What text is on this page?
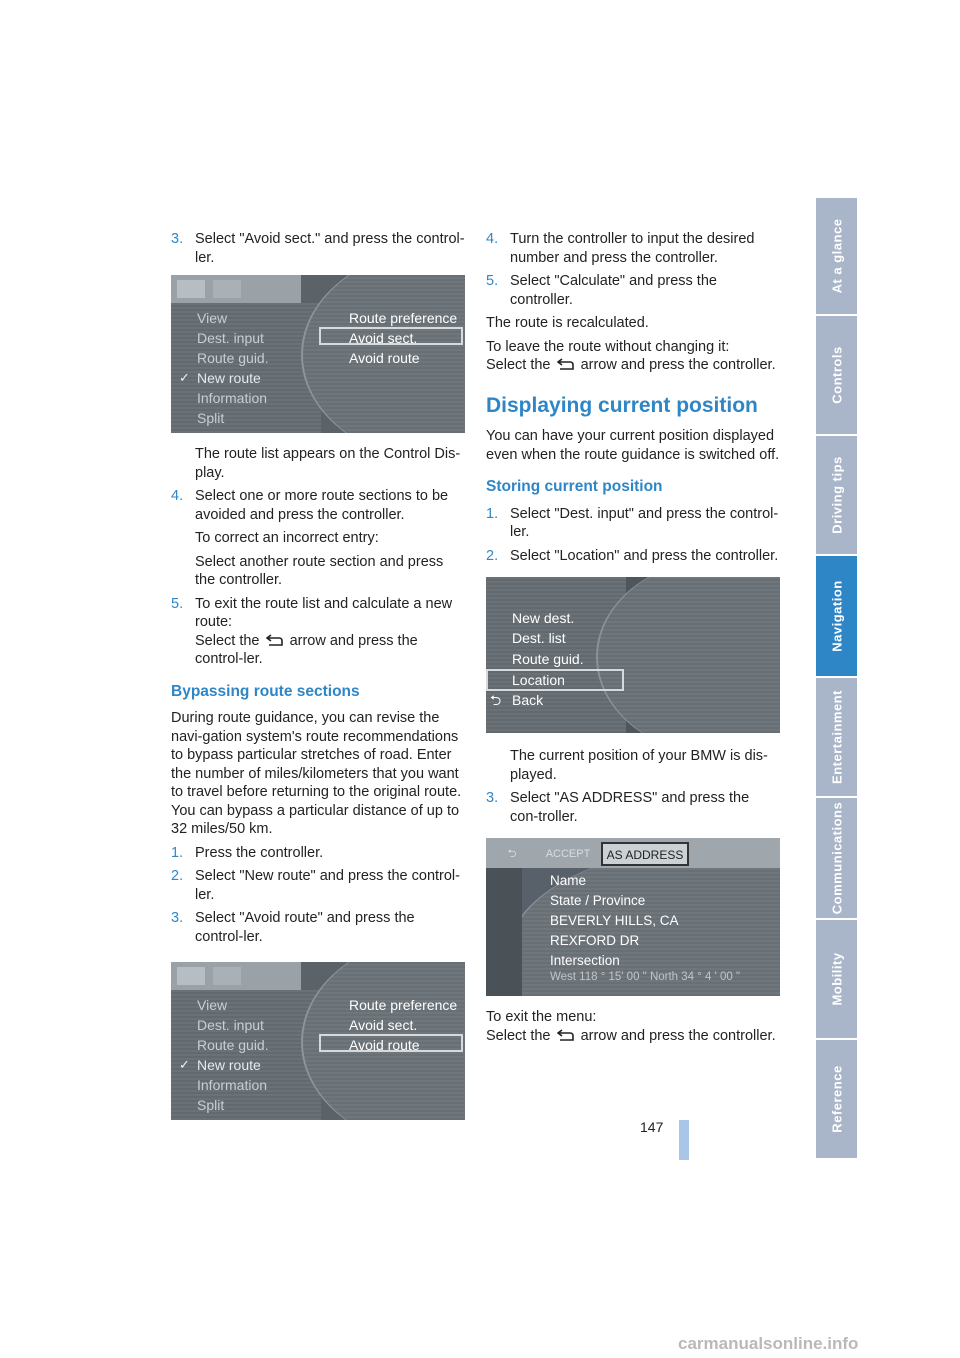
3. Select "Avoid sect." and press the control-ler.
View
Dest. input
Route guid.
✓ New route
Information
Split
Route preference
Avoid sect.
Avoid route

The route list appears on the Control Dis-play.

4. Select one or more route sections to be avoided and press the controller.

To correct an incorrect entry:

Select another route section and press the controller.

5. To exit the route list and calculate a new route:
Select the arrow and press the control-ler.
Bypassing route sections

During route guidance, you can revise the navi-gation system's route recommendations to bypass particular stretches of road. Enter the number of miles/kilometers that you want to travel before returning to the original route. You can bypass a particular distance of up to 32 miles/50 km.

1. Press the controller.
2. Select "New route" and press the control-ler.
3. Select "Avoid route" and press the control-ler.
View
Dest. input
Route guid.
✓ New route
Information
Split
Route preference
Avoid sect.
Avoid route
4. Turn the controller to input the desired number and press the controller.
5. Select "Calculate" and press the controller.

The route is recalculated.

To leave the route without changing it:
Select the arrow and press the controller.

Displaying current position

You can have your current position displayed even when the route guidance is switched off.

Storing current position
1. Select "Dest. input" and press the control-ler.
2. Select "Location" and press the controller.
New dest.
Dest. list
Route guid.
Location
⮌ Back

The current position of your BMW is dis-played.

3. Select "AS ADDRESS" and press the con-troller.
⮌	ACCEPT	AS ADDRESS
Name
State / Province
BEVERLY HILLS, CA
REXFORD DR
Intersection
West 118 ° 15' 00 " North 34 ° 4 ' 00 "

To exit the menu:
Select the arrow and press the controller.

At a glance
Controls
Driving tips
Navigation
Entertainment
Communications
Mobility
Reference
147
carmanualsonline.info
